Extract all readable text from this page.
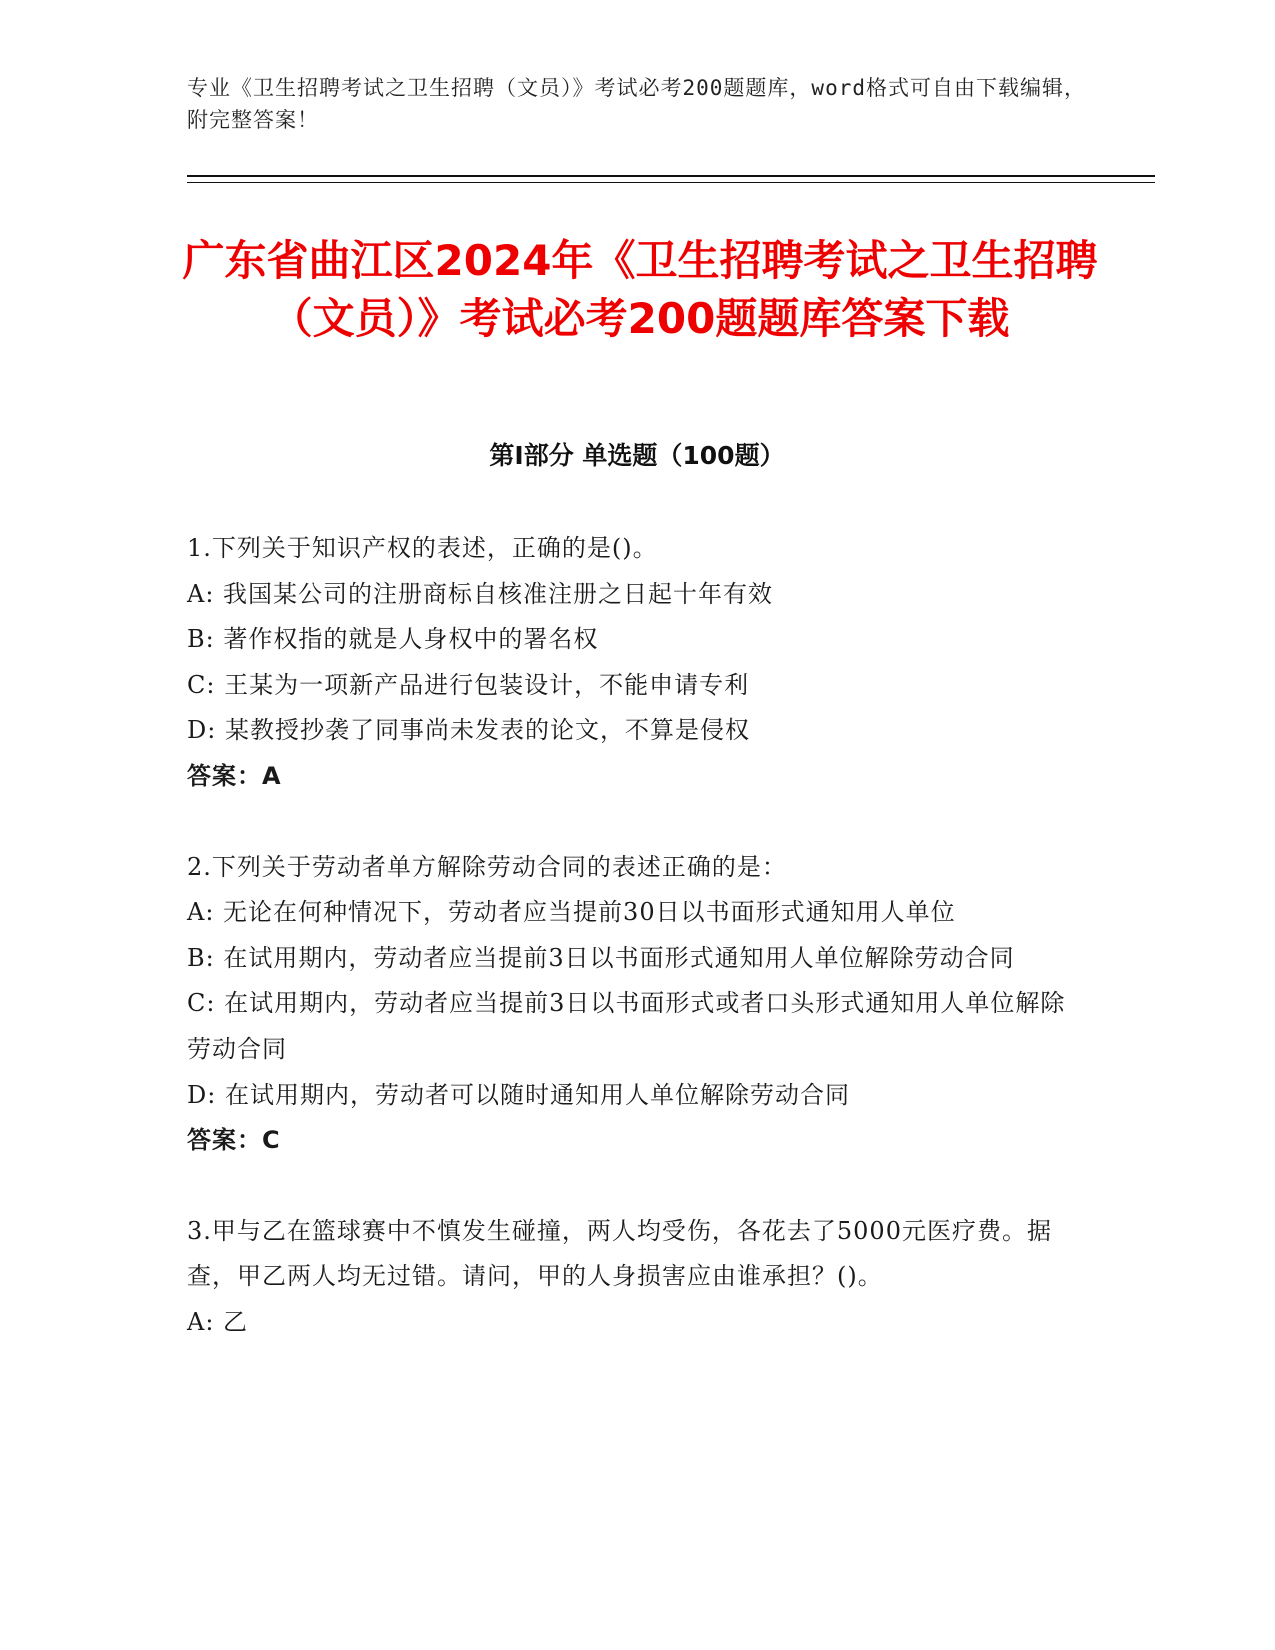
专业《卫生招聘考试之卫生招聘（文员）》考试必考200题题库，word格式可自由下载编辑，附完整答案！
广东省曲江区2024年《卫生招聘考试之卫生招聘（文员）》考试必考200题题库答案下载
第I部分 单选题（100题）

1.下列关于知识产权的表述，正确的是()。

A: 我国某公司的注册商标自核准注册之日起十年有效

B: 著作权指的就是人身权中的署名权

C: 王某为一项新产品进行包装设计，不能申请专利

D: 某教授抄袭了同事尚未发表的论文，不算是侵权

答案：A

2.下列关于劳动者单方解除劳动合同的表述正确的是：

A: 无论在何种情况下，劳动者应当提前30日以书面形式通知用人单位

B: 在试用期内，劳动者应当提前3日以书面形式通知用人单位解除劳动合同

C: 在试用期内，劳动者应当提前3日以书面形式或者口头形式通知用人单位解除劳动合同

D: 在试用期内，劳动者可以随时通知用人单位解除劳动合同

答案：C

3.甲与乙在篮球赛中不慎发生碰撞，两人均受伤，各花去了5000元医疗费。据查，甲乙两人均无过错。请问，甲的人身损害应由谁承担？()。

A: 乙
